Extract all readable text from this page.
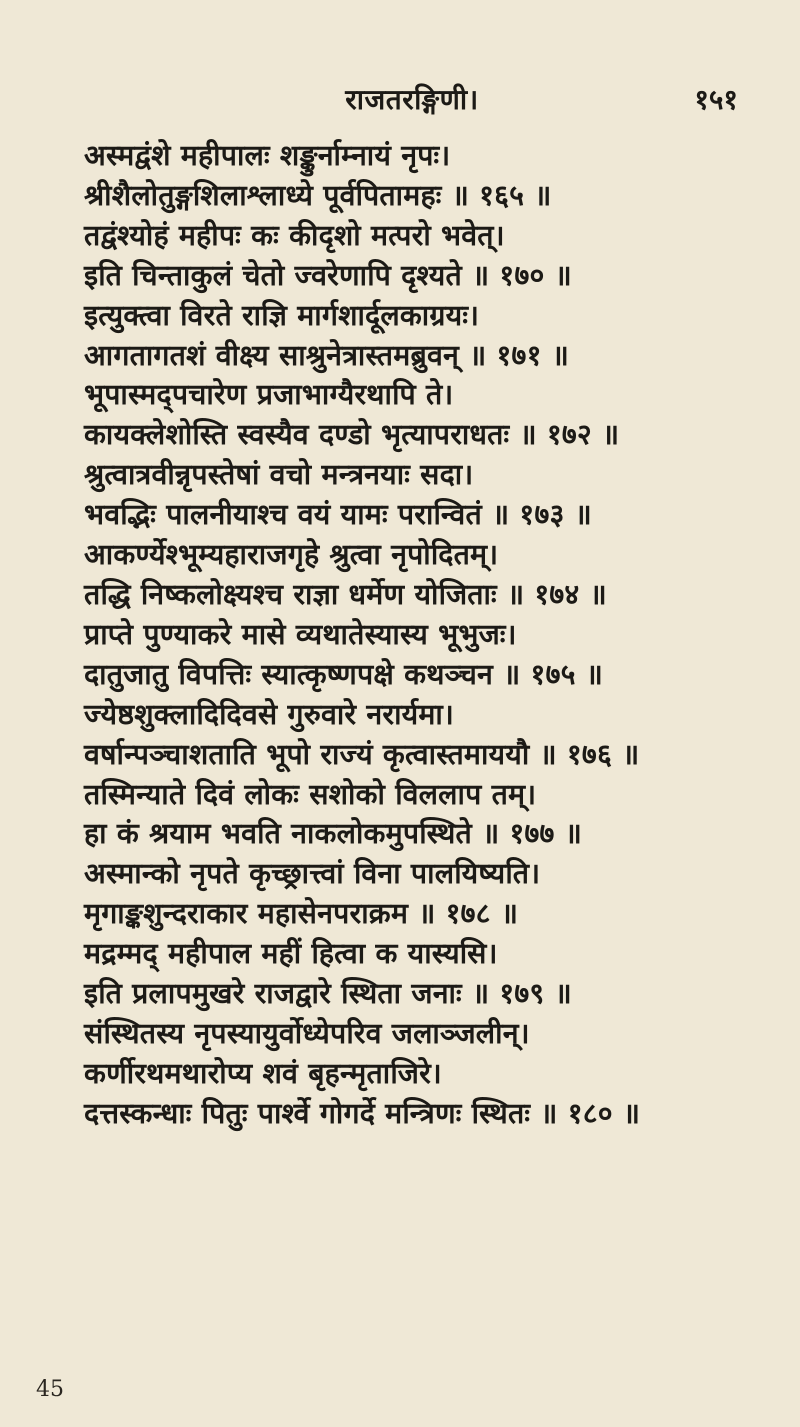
राजतरङ्गिणी।	१५१
अस्मद्वंशे महीपालः शङ्कुर्नाम्नायं नृपः।
श्रीशैलोतुङ्गशिलाश्लाध्ये पूर्वपितामहः ॥ १६५ ॥
तद्वंश्योहं महीपः कः कीदृशो मत्परो भवेत्।
इति चिन्ताकुलं चेतो ज्वरेणापि दृश्यते ॥ १७० ॥
इत्युक्त्वा विरते राज्ञि मार्गशार्दूलकाग्रयः।
आगतागतशं वीक्ष्य साश्रुनेत्रास्तमब्रुवन् ॥ १७१ ॥
भूपास्मद्पचारेण प्रजाभाग्यैरथापि ते।
कायक्लेशोस्ति स्वस्यैव दण्डो भृत्यापराधतः ॥ १७२ ॥
श्रुत्वात्रवीन्नृपस्तेषां वचो मन्त्रनयाः सदा।
भवद्भिः पालनीयाश्च वयं यामः परान्वितं ॥ १७३ ॥
आकर्ण्येश्भूम्यहाराजगृहे श्रुत्वा नृपोदितम्।
तद्धि निष्कलोक्ष्यश्च राज्ञा धर्मेण योजिताः ॥ १७४ ॥
प्राप्ते पुण्याकरे मासे व्यथातेस्यास्य भूभुजः।
दातुजातु विपत्तिः स्यात्कृष्णपक्षे कथञ्चन ॥ १७५ ॥
ज्येष्ठशुक्लादिदिवसे गुरुवारे नरार्यमा।
वर्षान्पञ्चाशताति भूपो राज्यं कृत्वास्तमाययौ ॥ १७६ ॥
तस्मिन्याते दिवं लोकः सशोको विललाप तम्।
हा कं श्रयाम भवति नाकलोकमुपस्थिते ॥ १७७ ॥
अस्मान्को नृपते कृच्छ्रात्त्वां विना पालयिष्यति।
मृगाङ्कशुन्दराकार महासेनपराक्रम ॥ १७८ ॥
मद्रम्मद् महीपाल महीं हित्वा क यास्यसि।
इति प्रलापमुखरे राजद्वारे स्थिता जनाः ॥ १७९ ॥
संस्थितस्य नृपस्यायुर्वोध्येपरिव जलाञ्जलीन्।
कर्णीरथमथारोप्य शवं बृहन्मृताजिरे।
दत्तस्कन्धाः पितुः पार्श्वे गोगर्दे मन्त्रिणः स्थितः ॥ १८० ॥
45
